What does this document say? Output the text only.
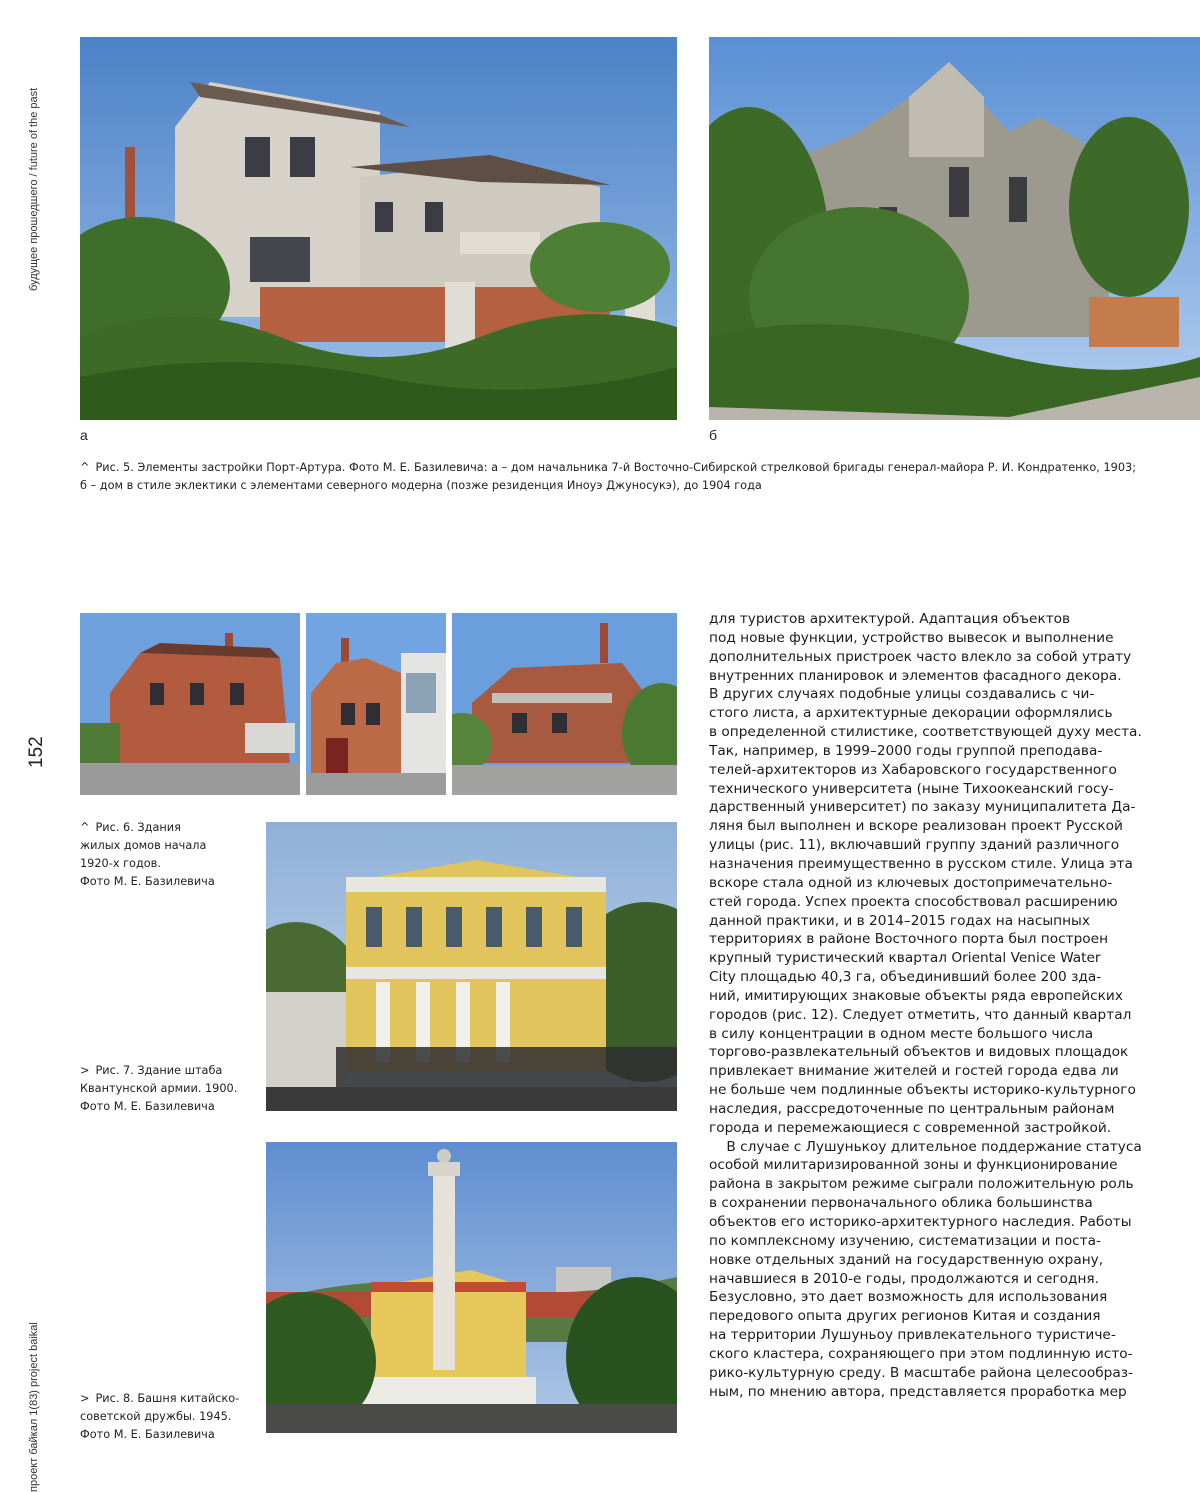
будущее прошедшего / future of the past
152
проект байкал 1(83) project baikal
а	б
^ Рис. 5. Элементы застройки Порт-Артура. Фото М. Е. Базилевича: а – дом начальника 7-й Восточно-Сибирской стрелковой бригады генерал-майора Р. И. Кондратенко, 1903;
б – дом в стиле эклектики с элементами северного модерна (позже резиденция Иноуэ Джуносукэ), до 1904 года
^ Рис. 6. Здания
жилых домов начала
1920-х годов.
Фото М. Е. Базилевича
> Рис. 7. Здание штаба
Квантунской армии. 1900.
Фото М. Е. Базилевича
> Рис. 8. Башня китайско-
советской дружбы. 1945.
Фото М. Е. Базилевича
для туристов архитектурой. Адаптация объектов
под новые функции, устройство вывесок и выполнение
дополнительных пристроек часто влекло за собой утрату
внутренних планировок и элементов фасадного декора.
В других случаях подобные улицы создавались с чи-
стого листа, а архитектурные декорации оформлялись
в определенной стилистике, соответствующей духу места.
Так, например, в 1999–2000 годы группой преподава-
телей-архитекторов из Хабаровского государственного
технического университета (ныне Тихоокеанский госу-
дарственный университет) по заказу муниципалитета Да-
ляня был выполнен и вскоре реализован проект Русской
улицы (рис. 11), включавший группу зданий различного
назначения преимущественно в русском стиле. Улица эта
вскоре стала одной из ключевых достопримечательно-
стей города. Успех проекта способствовал расширению
данной практики, и в 2014–2015 годах на насыпных
территориях в районе Восточного порта был построен
крупный туристический квартал Oriental Venice Water
City площадью 40,3 га, объединивший более 200 зда-
ний, имитирующих знаковые объекты ряда европейских
городов (рис. 12). Следует отметить, что данный квартал
в силу концентрации в одном месте большого числа
торгово-развлекательный объектов и видовых площадок
привлекает внимание жителей и гостей города едва ли
не больше чем подлинные объекты историко-культурного
наследия, рассредоточенные по центральным районам
города и перемежающиеся с современной застройкой.
В случае с Лушунькоу длительное поддержание статуса
особой милитаризированной зоны и функционирование
района в закрытом режиме сыграли положительную роль
в сохранении первоначального облика большинства
объектов его историко-архитектурного наследия. Работы
по комплексному изучению, систематизации и поста-
новке отдельных зданий на государственную охрану,
начавшиеся в 2010-е годы, продолжаются и сегодня.
Безусловно, это дает возможность для использования
передового опыта других регионов Китая и создания
на территории Лушуньоу привлекательного туристиче-
ского кластера, сохраняющего при этом подлинную исто-
рико-культурную среду. В масштабе района целесообраз-
ным, по мнению автора, представляется проработка мер
